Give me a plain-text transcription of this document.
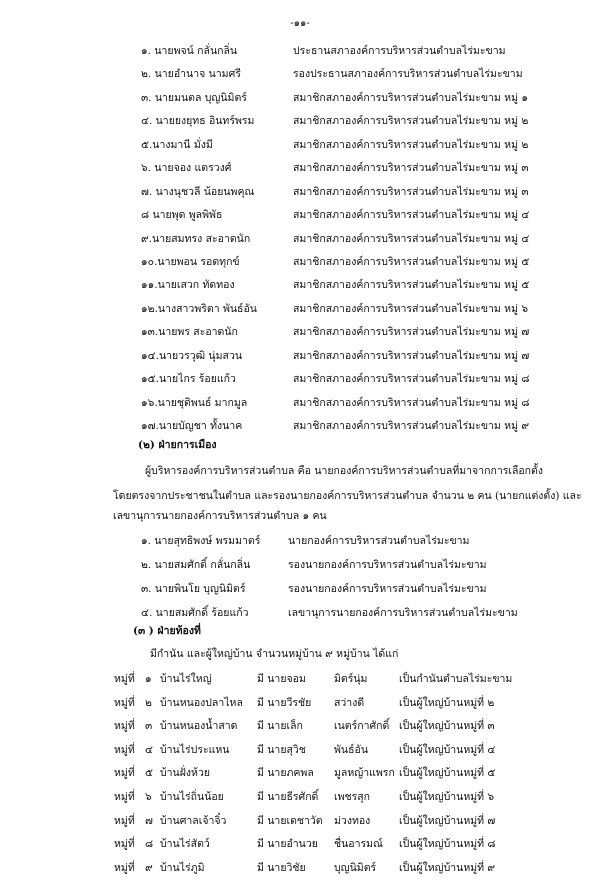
-๑๑-
๑. นายพจน์ กลั่นกลิ่น	ประธานสภาองค์การบริหารส่วนตำบลไร่มะขาม
๒. นายอำนาจ นามศรี	รองประธานสภาองค์การบริหารส่วนตำบลไร่มะขาม
๓. นายมนตล บุญนิมิตร์	สมาชิกสภาองค์การบริหารส่วนตำบลไร่มะขาม หมู่ ๑
๔. นายยงยุทธ อินทร์พรม	สมาชิกสภาองค์การบริหารส่วนตำบลไร่มะขาม หมู่ ๒
๕.นางมานี มั่งมี	สมาชิกสภาองค์การบริหารส่วนตำบลไร่มะขาม หมู่ ๒
๖. นายจอง แตรวงศ์	สมาชิกสภาองค์การบริหารส่วนตำบลไร่มะขาม หมู่ ๓
๗. นางนุชวลี น้อยนพคุณ	สมาชิกสภาองค์การบริหารส่วนตำบลไร่มะขาม หมู่ ๓
๘ นายพุด พูลพิพัธ	สมาชิกสภาองค์การบริหารส่วนตำบลไร่มะขาม หมู่ ๔
๙.นายสมทรง สะอาดนัก	สมาชิกสภาองค์การบริหารส่วนตำบลไร่มะขาม หมู่ ๔
๑๐.นายพอน รอดทุกข์	สมาชิกสภาองค์การบริหารส่วนตำบลไร่มะขาม หมู่ ๕
๑๑.นายเสวก ทัดทอง	สมาชิกสภาองค์การบริหารส่วนตำบลไร่มะขาม หมู่ ๕
๑๒.นางสาวพริตา พันธ์อัน	สมาชิกสภาองค์การบริหารส่วนตำบลไร่มะขาม หมู่ ๖
๑๓.นายพร สะอาดนัก	สมาชิกสภาองค์การบริหารส่วนตำบลไร่มะขาม หมู่ ๗
๑๔.นายวรวุฒิ นุ่มสวน	สมาชิกสภาองค์การบริหารส่วนตำบลไร่มะขาม หมู่ ๗
๑๕.นายไกร ร้อยแก้ว	สมาชิกสภาองค์การบริหารส่วนตำบลไร่มะขาม หมู่ ๘
๑๖.นายชุติพนธ์ มากมูล	สมาชิกสภาองค์การบริหารส่วนตำบลไร่มะขาม หมู่ ๘
๑๗.นายบัญชา ทั้งนาค	สมาชิกสภาองค์การบริหารส่วนตำบลไร่มะขาม หมู่ ๙
(๒) ฝ่ายการเมือง
ผู้บริหารองค์การบริหารส่วนตำบล คือ นายกองค์การบริหารส่วนตำบลที่มาจากการเลือกตั้ง
โดยตรงจากประชาชนในตำบล และรองนายกองค์การบริหารส่วนตำบล จำนวน ๒ คน (นายกแต่งตั้ง) และ
เลขานุการนายกองค์การบริหารส่วนตำบล ๑ คน
๑. นายสุทธิพงษ์ พรมมาตร์	นายกองค์การบริหารส่วนตำบลไร่มะขาม
๒. นายสมศักดิ์ กลั่นกลิ่น	รองนายกองค์การบริหารส่วนตำบลไร่มะขาม
๓. นายพินโย บุญนิมิตร์	รองนายกองค์การบริหารส่วนตำบลไร่มะขาม
๔. นายสมศักดิ์ ร้อยแก้ว	เลขานุการนายกองค์การบริหารส่วนตำบลไร่มะขาม
(๓ ) ฝ่ายท้องที่
มีกำนัน และผู้ใหญ่บ้าน จำนวนหมู่บ้าน ๙ หมู่บ้าน ได้แก่
หมู่ที่ ๑ บ้านไร่ใหญ่	มี นายจอม	มิตร์นุ่ม	เป็นกำนันตำบลไร่มะขาม
หมู่ที่ ๒ บ้านหนองปลาไหล มี นายวีรชัย สว่างดี	เป็นผู้ใหญ่บ้านหมู่ที่ ๒
หมู่ที่ ๓ บ้านหนองน้ำสาด มี นายเล็ก	เนตร์กาศักดิ์ เป็นผู้ใหญ่บ้านหมู่ที่ ๓
หมู่ที่ ๔ บ้านไร่ประแหน	มี นายสุวิช	พันธ์อัน	เป็นผู้ใหญ่บ้านหมู่ที่ ๔
หมู่ที่ ๕ บ้านฝั่งห้วย	มี นายภคพล มูลหญ้าแพรก เป็นผู้ใหญ่บ้านหมู่ที่ ๕
หมู่ที่ ๖ บ้านไร่ถิ่นน้อย	มี นายธีรศักดิ์ เพชรสุก	เป็นผู้ใหญ่บ้านหมู่ที่ ๖
หมู่ที่ ๗ บ้านศาลเจ้าจิ๋ว	มี นายเดชาวัต ม่วงทอง	เป็นผู้ใหญ่บ้านหมู่ที่ ๗
หมู่ที่ ๘ บ้านไร่สัตว์	มี นายอำนวย ชื่นอารมณ์ เป็นผู้ใหญ่บ้านหมู่ที่ ๘
หมู่ที่ ๙ บ้านไร่ภูมิ	มี นายวิชัย	บุญนิมิตร์ เป็นผู้ใหญ่บ้านหมู่ที่ ๙
